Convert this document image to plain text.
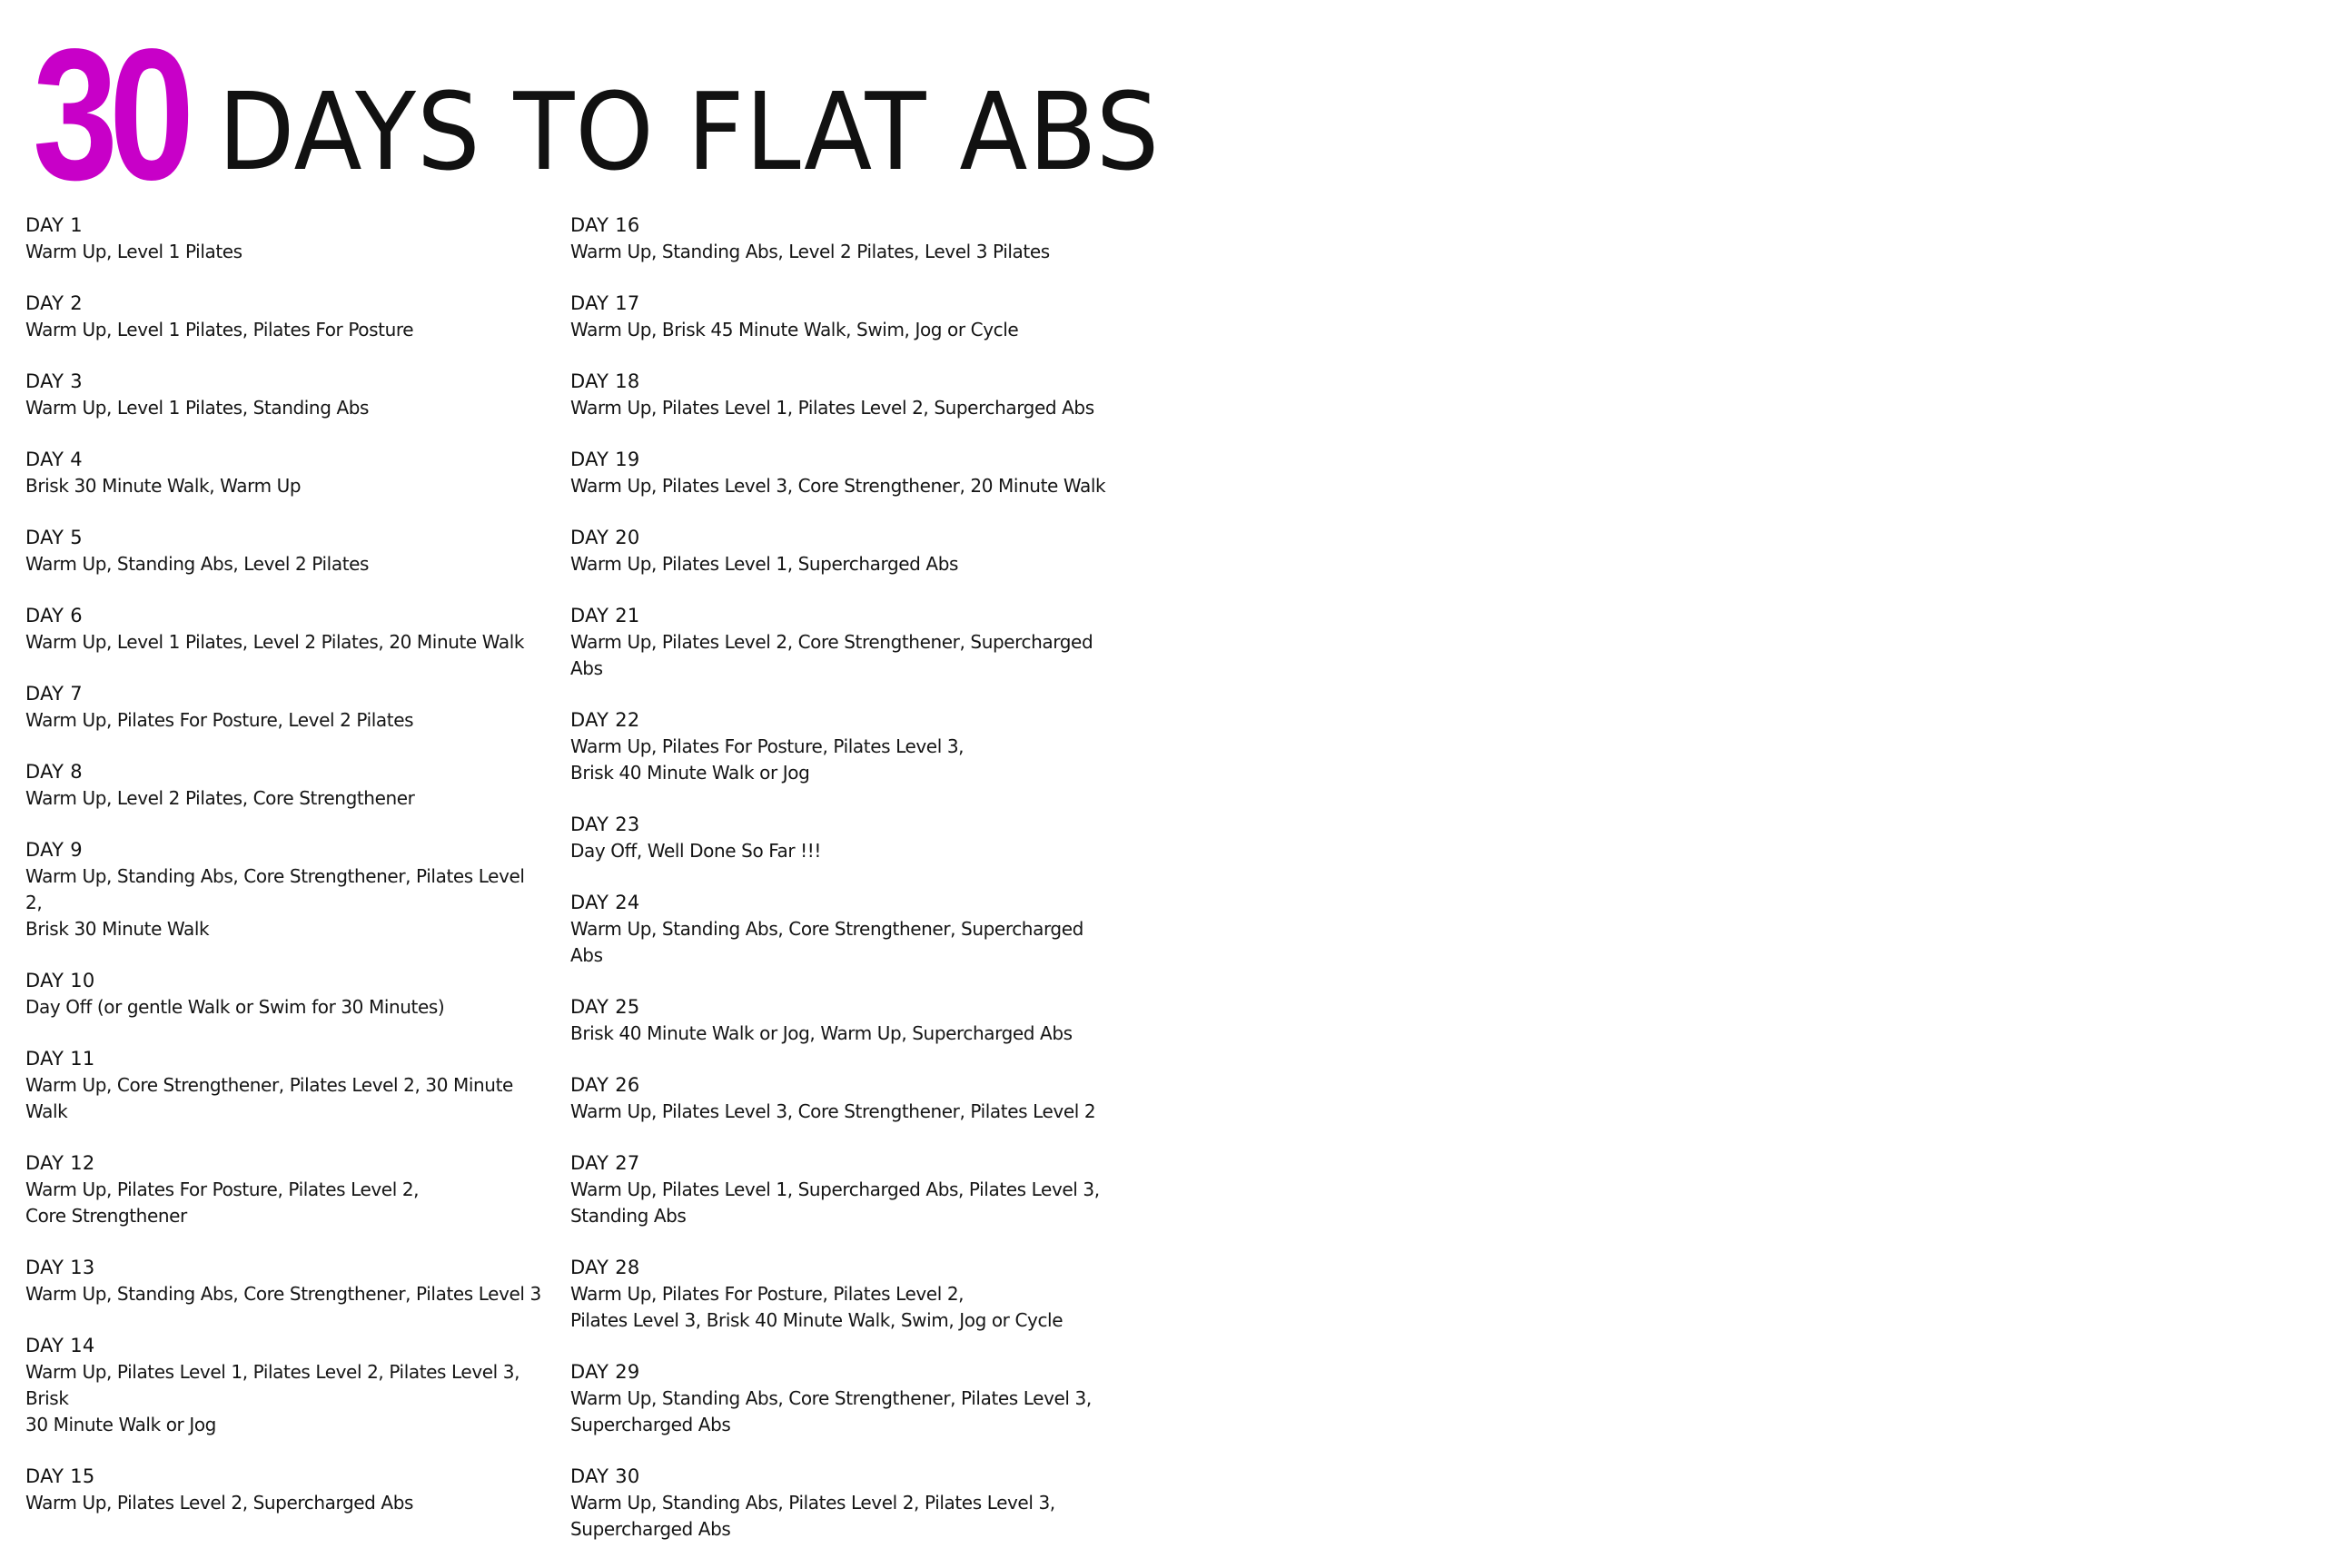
30 DAYS TO FLAT ABS
DAY 1
Warm Up, Level 1 Pilates
DAY 2
Warm Up, Level 1 Pilates, Pilates For Posture
DAY 3
Warm Up, Level 1 Pilates, Standing Abs
DAY 4
Brisk 30 Minute Walk, Warm Up
DAY 5
Warm Up, Standing Abs, Level 2 Pilates
DAY 6
Warm Up, Level 1 Pilates, Level 2 Pilates, 20 Minute Walk
DAY 7
Warm Up, Pilates For Posture, Level 2 Pilates
DAY 8
Warm Up, Level 2 Pilates, Core Strengthener
DAY 9
Warm Up, Standing Abs, Core Strengthener, Pilates Level 2,
Brisk 30 Minute Walk
DAY 10
Day Off (or gentle Walk or Swim for 30 Minutes)
DAY 11
Warm Up, Core Strengthener, Pilates Level 2, 30 Minute Walk
DAY 12
Warm Up, Pilates For Posture, Pilates Level 2,
Core Strengthener
DAY 13
Warm Up, Standing Abs, Core Strengthener, Pilates Level 3
DAY 14
Warm Up, Pilates Level 1, Pilates Level 2, Pilates Level 3, Brisk
30 Minute Walk or Jog
DAY 15
Warm Up, Pilates Level 2, Supercharged Abs
DAY 16
Warm Up, Standing Abs, Level 2 Pilates, Level 3 Pilates
DAY 17
Warm Up, Brisk 45 Minute Walk, Swim, Jog or Cycle
DAY 18
Warm Up, Pilates Level 1, Pilates Level 2, Supercharged Abs
DAY 19
Warm Up, Pilates Level 3, Core Strengthener, 20 Minute Walk
DAY 20
Warm Up, Pilates Level 1, Supercharged Abs
DAY 21
Warm Up, Pilates Level 2, Core Strengthener, Supercharged
Abs
DAY 22
Warm Up, Pilates For Posture, Pilates Level 3,
Brisk 40 Minute Walk or Jog
DAY 23
Day Off, Well Done So Far !!!
DAY 24
Warm Up, Standing Abs, Core Strengthener, Supercharged Abs
DAY 25
Brisk 40 Minute Walk or Jog, Warm Up, Supercharged Abs
DAY 26
Warm Up, Pilates Level 3, Core Strengthener, Pilates Level 2
DAY 27
Warm Up, Pilates Level 1, Supercharged Abs, Pilates Level 3,
Standing Abs
DAY 28
Warm Up, Pilates For Posture, Pilates Level 2,
Pilates Level 3, Brisk 40 Minute Walk, Swim, Jog or Cycle
DAY 29
Warm Up, Standing Abs, Core Strengthener, Pilates Level 3,
Supercharged Abs
DAY 30
Warm Up, Standing Abs, Pilates Level 2, Pilates Level 3,
Supercharged Abs
